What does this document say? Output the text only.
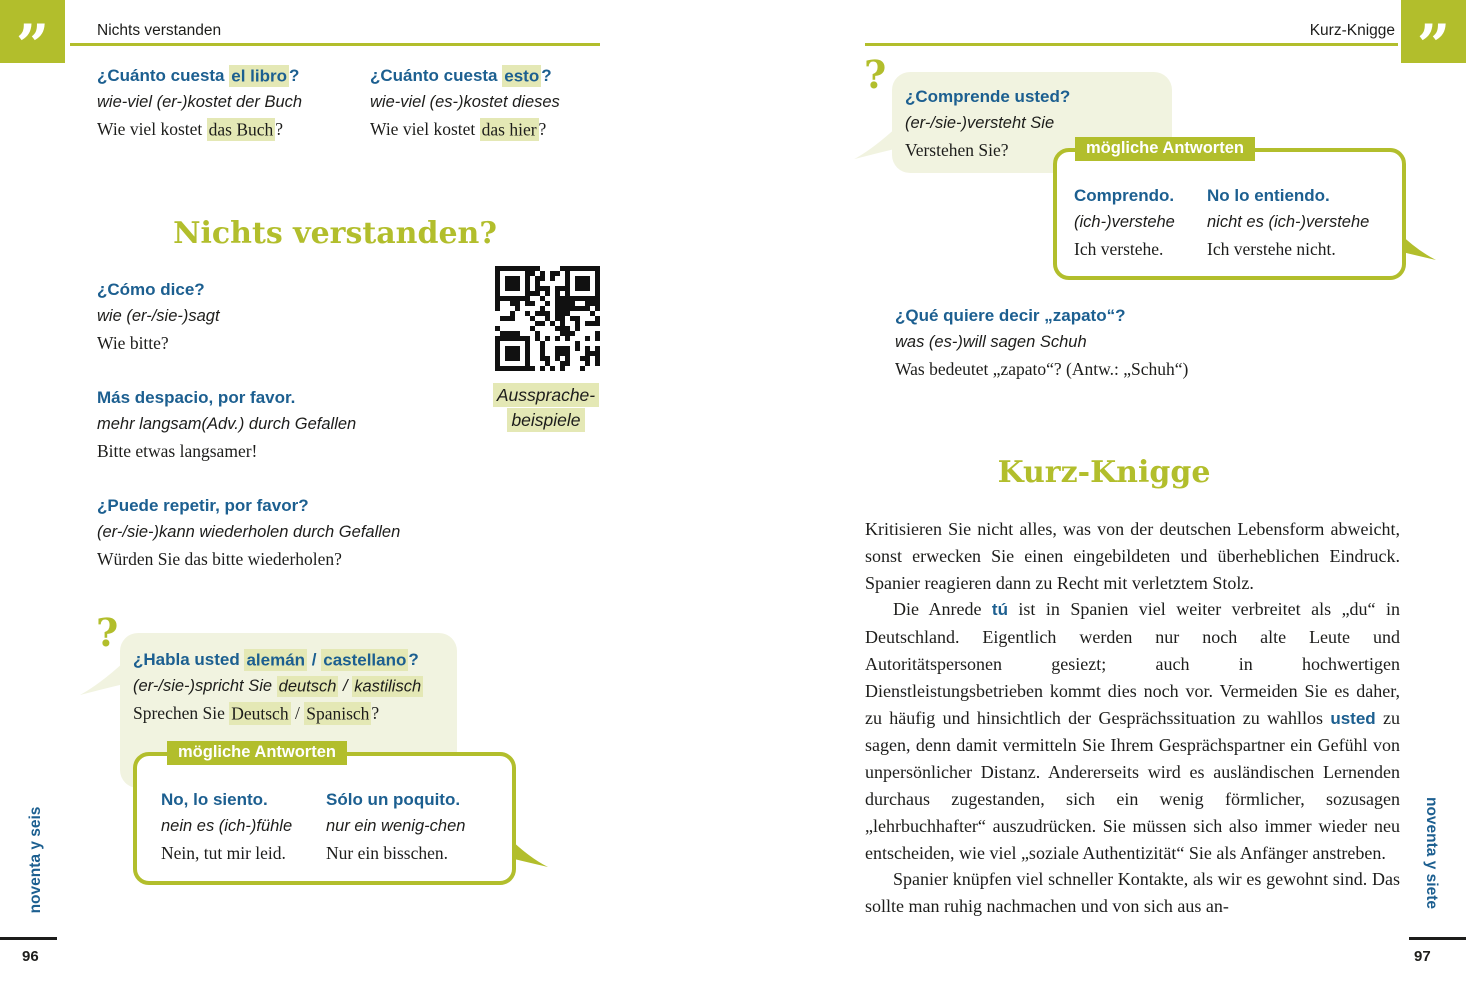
”	Nichts verstanden
¿Cuánto cuesta el libro ?
wie-viel (er-)kostet der Buch
Wie viel kostet das Buch ?
¿Cuánto cuesta esto ?
wie-viel (es-)kostet dieses
Wie viel kostet das hier ?
Nichts verstanden?
¿Cómo dice?
wie (er-/sie-)sagt
Wie bitte?
Aussprache-
beispiele
Más despacio, por favor.
mehr langsam(Adv.) durch Gefallen
Bitte etwas langsamer!
¿Puede repetir, por favor?
(er-/sie-)kann wiederholen durch Gefallen
Würden Sie das bitte wiederholen?
?
¿Habla usted alemán / castellano ?
(er-/sie-)spricht Sie deutsch / kastilisch
Sprechen Sie Deutsch / Spanisch ?
mögliche Antworten
No, lo siento.
nein es (ich-)fühle
Nein, tut mir leid.
Sólo un poquito.
nur ein wenig-chen
Nur ein bisschen.
96
noventa y seis
”
Kurz-Knigge
? ¿Comprende usted?
(er-/sie-)versteht Sie
Verstehen Sie?	mögliche Antworten
Comprendo.
(ich-)verstehe
Ich verstehe.
No lo entiendo.
nicht es (ich-)verstehe
Ich verstehe nicht.
¿Qué quiere decir „zapato“?
was (es-)will sagen Schuh
Was bedeutet „zapato“? (Antw.: „Schuh“)
Kurz-Knigge

Kritisieren Sie nicht alles, was von der deutschen Lebensform abweicht, sonst erwecken Sie einen eingebildeten und überheblichen Eindruck. Spanier reagieren dann zu Recht mit verletztem Stolz.

Die Anrede tú ist in Spanien viel weiter verbreitet als „du“ in Deutschland. Eigentlich werden nur noch alte Leute und Autoritätspersonen gesiezt; auch in hochwertigen Dienstleistungsbetrieben kommt dies noch vor. Vermeiden Sie es daher, zu häufig und hinsichtlich der Gesprächssituation zu wahllos usted zu sagen, denn damit vermitteln Sie Ihrem Gesprächspartner ein Gefühl von unpersönlicher Distanz. Andererseits wird es ausländischen Lernenden durchaus zugestanden, sich ein wenig förmlicher, sozusagen „lehrbuchhafter“ auszudrücken. Sie müssen sich also immer wieder neu entscheiden, wie viel „soziale Authentizität“ Sie als Anfänger anstreben.

Spanier knüpfen viel schneller Kontakte, als wir es gewohnt sind. Das sollte man ruhig nachmachen und von sich aus an-

97
noventa y siete
